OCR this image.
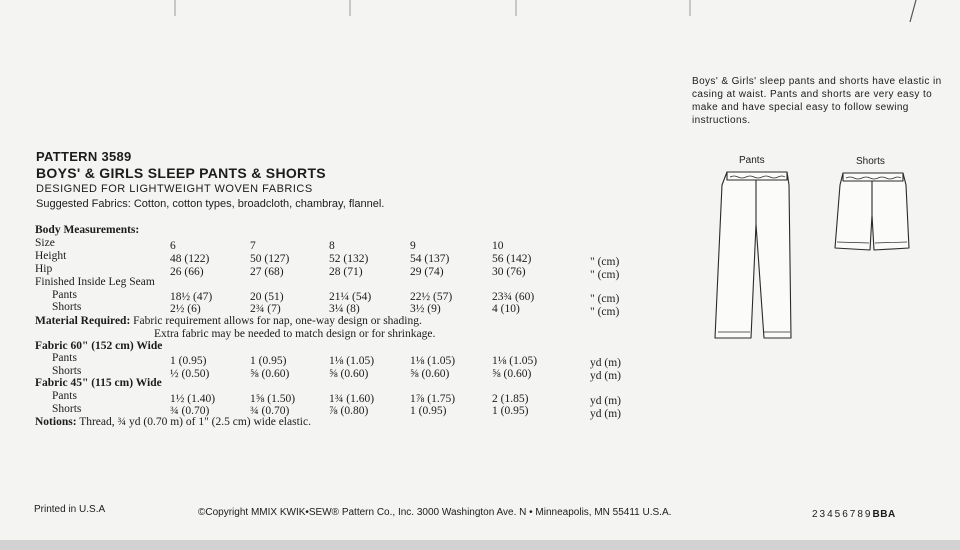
Boys' & Girls' sleep pants and shorts have elastic in casing at waist. Pants and shorts are very easy to make and have special easy to follow sewing instructions.
PATTERN 3589
BOYS' & GIRLS SLEEP PANTS & SHORTS
DESIGNED FOR LIGHTWEIGHT WOVEN FABRICS
Suggested Fabrics: Cotton, cotton types, broadcloth, chambray, flannel.
Body Measurements:
Size	6	7	8	9	10
Height	48 (122)	50 (127)	52 (132)	54 (137)	56 (142)	" (cm)
Hip	26 (66)	27 (68)	28 (71)	29 (74)	30 (76)	" (cm)
Finished Inside Leg Seam
Pants	18½ (47)	20 (51)	21¼ (54)	22½ (57)	23¾ (60)	" (cm)
Shorts	2½ (6)	2¾ (7)	3¼ (8)	3½ (9)	4 (10)	" (cm)
Material Required: Fabric requirement allows for nap, one-way design or shading.
Extra fabric may be needed to match design or for shrinkage.
Fabric 60" (152 cm) Wide
Pants	1 (0.95)	1 (0.95)	1⅛ (1.05)	1⅛ (1.05)	1⅛ (1.05)	yd (m)
Shorts	½ (0.50)	⅝ (0.60)	⅝ (0.60)	⅝ (0.60)	⅝ (0.60)	yd (m)
Fabric 45" (115 cm) Wide
Pants	1½ (1.40)	1⅝ (1.50)	1¾ (1.60)	1⅞ (1.75)	2 (1.85)	yd (m)
Shorts	¾ (0.70)	¾ (0.70)	⅞ (0.80)	1 (0.95)	1 (0.95)	yd (m)
Notions: Thread, ¾ yd (0.70 m) of 1" (2.5 cm) wide elastic.
Pants	Shorts
Printed in U.S.A	©Copyright MMIX KWIK•SEW® Pattern Co., Inc. 3000 Washington Ave. N • Minneapolis, MN 55411 U.S.A.	23456789BBA
